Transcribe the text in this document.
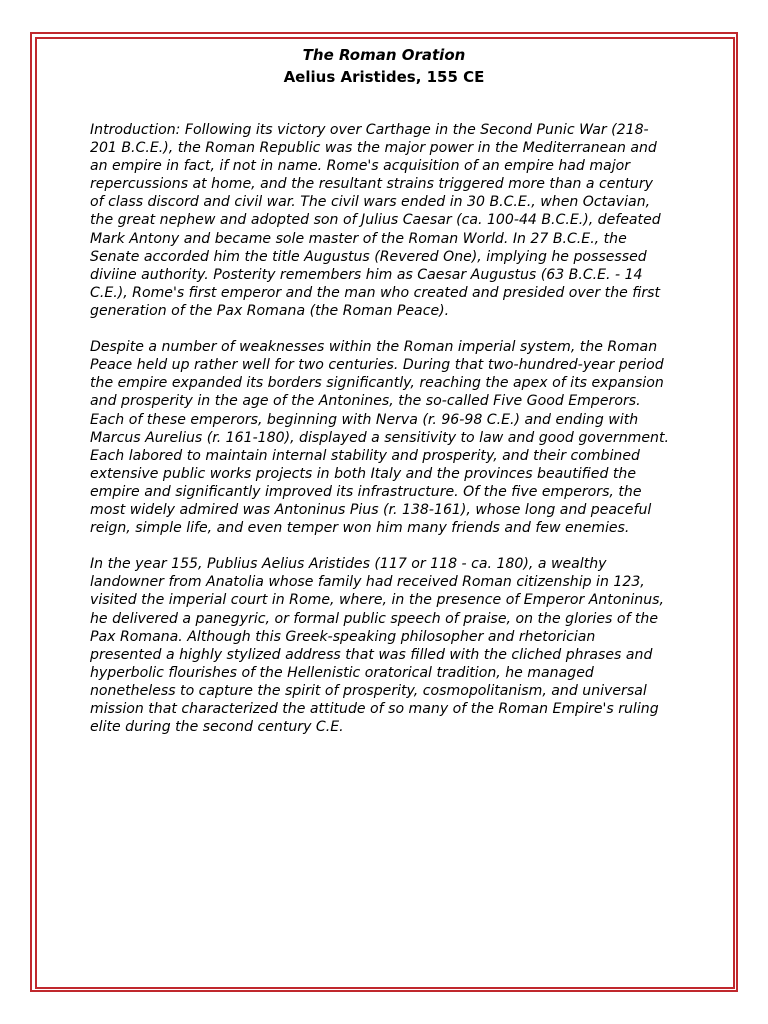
The Roman Oration
Aelius Aristides, 155 CE

Introduction: Following its victory over Carthage in the Second Punic War (218-201 B.C.E.), the Roman Republic was the major power in the Mediterranean and an empire in fact, if not in name. Rome's acquisition of an empire had major repercussions at home, and the resultant strains triggered more than a century of class discord and civil war. The civil wars ended in 30 B.C.E., when Octavian, the great nephew and adopted son of Julius Caesar (ca. 100-44 B.C.E.), defeated Mark Antony and became sole master of the Roman World. In 27 B.C.E., the Senate accorded him the title Augustus (Revered One), implying he possessed diviine authority. Posterity remembers him as Caesar Augustus (63 B.C.E. - 14 C.E.), Rome's first emperor and the man who created and presided over the first generation of the Pax Romana (the Roman Peace).

Despite a number of weaknesses within the Roman imperial system, the Roman Peace held up rather well for two centuries. During that two-hundred-year period the empire expanded its borders significantly, reaching the apex of its expansion and prosperity in the age of the Antonines, the so-called Five Good Emperors. Each of these emperors, beginning with Nerva (r. 96-98 C.E.) and ending with Marcus Aurelius (r. 161-180), displayed a sensitivity to law and good government. Each labored to maintain internal stability and prosperity, and their combined extensive public works projects in both Italy and the provinces beautified the empire and significantly improved its infrastructure. Of the five emperors, the most widely admired was Antoninus Pius (r. 138-161), whose long and peaceful reign, simple life, and even temper won him many friends and few enemies.

In the year 155, Publius Aelius Aristides (117 or 118 - ca. 180), a wealthy landowner from Anatolia whose family had received Roman citizenship in 123, visited the imperial court in Rome, where, in the presence of Emperor Antoninus, he delivered a panegyric, or formal public speech of praise, on the glories of the Pax Romana. Although this Greek-speaking philosopher and rhetorician presented a highly stylized address that was filled with the cliched phrases and hyperbolic flourishes of the Hellenistic oratorical tradition, he managed nonetheless to capture the spirit of prosperity, cosmopolitanism, and universal mission that characterized the attitude of so many of the Roman Empire's ruling elite during the second century C.E.
